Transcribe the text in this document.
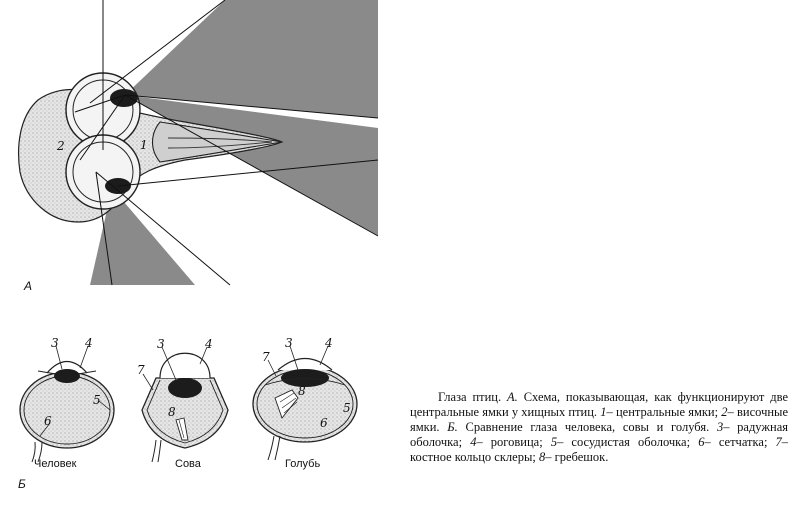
2	1
А
3 4
5
6
Человек
3	4
7
8
Сова
3	4
7
8
5
6
Голубь
Б
Глаза птиц. А. Схема, показывающая, как функционируют две центральные ямки у хищных птиц. 1– центральные ямки; 2– височные ямки. Б. Сравнение глаза человека, совы и голубя. 3– радужная оболочка; 4– роговица; 5– сосудистая оболочка; 6– сетчатка; 7– костное кольцо склеры; 8– гребешок.
